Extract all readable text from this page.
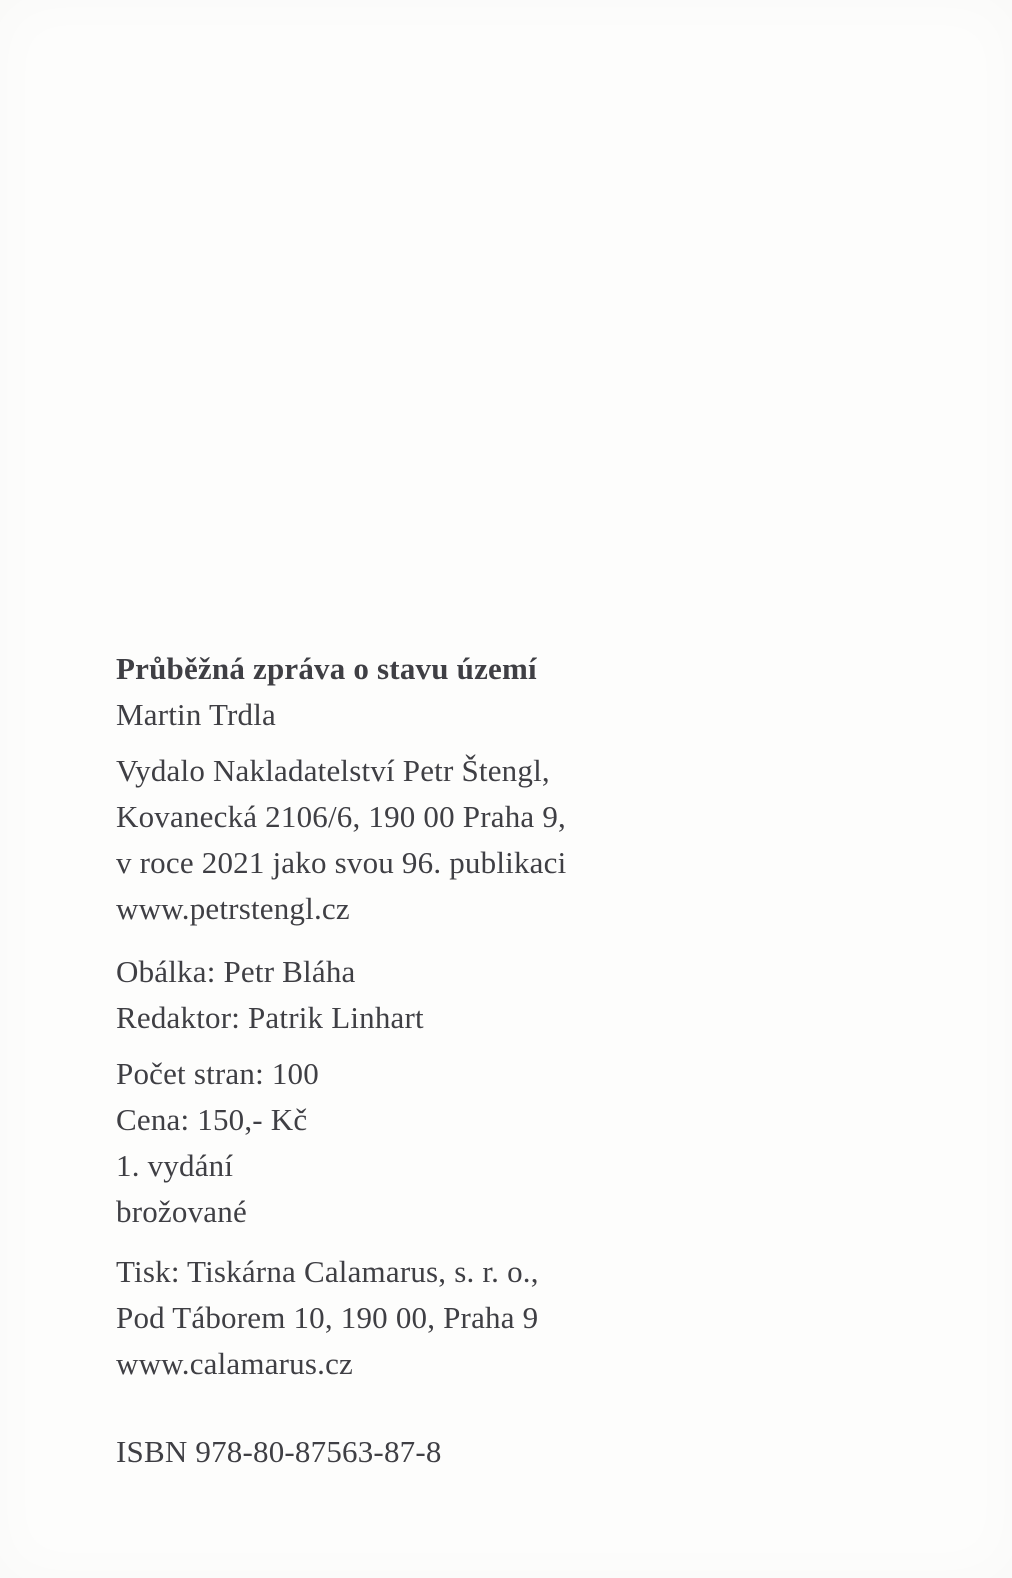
Průběžná zpráva o stavu území

Martin Trdla

Vydalo Nakladatelství Petr Štengl,

Kovanecká 2106/6, 190 00 Praha 9,

v roce 2021 jako svou 96. publikaci

www.petrstengl.cz

Obálka: Petr Bláha

Redaktor: Patrik Linhart

Počet stran: 100

Cena: 150,- Kč

1. vydání

brožované

Tisk: Tiskárna Calamarus, s. r. o.,

Pod Táborem 10, 190 00, Praha 9

www.calamarus.cz

ISBN 978-80-87563-87-8
